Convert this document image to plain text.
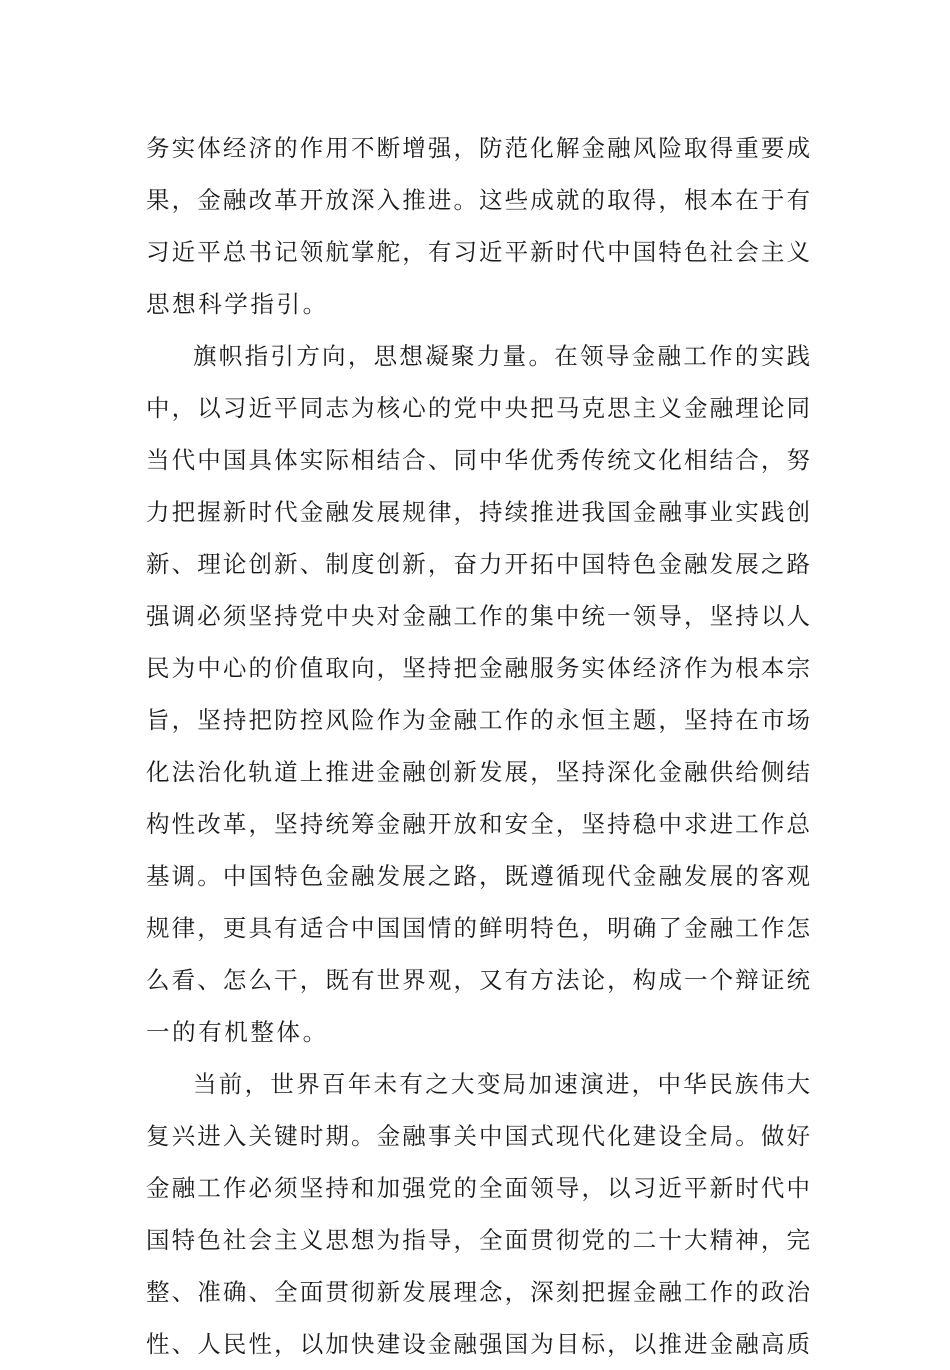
务实体经济的作用不断增强，防范化解金融风险取得重要成
果，金融改革开放深入推进。这些成就的取得，根本在于有
习近平总书记领航掌舵，有习近平新时代中国特色社会主义
思想科学指引。
旗帜指引方向，思想凝聚力量。在领导金融工作的实践
中，以习近平同志为核心的党中央把马克思主义金融理论同
当代中国具体实际相结合、同中华优秀传统文化相结合，努
力把握新时代金融发展规律，持续推进我国金融事业实践创
新、理论创新、制度创新，奋力开拓中国特色金融发展之路
强调必须坚持党中央对金融工作的集中统一领导，坚持以人
民为中心的价值取向，坚持把金融服务实体经济作为根本宗
旨，坚持把防控风险作为金融工作的永恒主题，坚持在市场
化法治化轨道上推进金融创新发展，坚持深化金融供给侧结
构性改革，坚持统筹金融开放和安全，坚持稳中求进工作总
基调。中国特色金融发展之路，既遵循现代金融发展的客观
规律，更具有适合中国国情的鲜明特色，明确了金融工作怎
么看、怎么干，既有世界观，又有方法论，构成一个辩证统
一的有机整体。
当前，世界百年未有之大变局加速演进，中华民族伟大
复兴进入关键时期。金融事关中国式现代化建设全局。做好
金融工作必须坚持和加强党的全面领导，以习近平新时代中
国特色社会主义思想为指导，全面贯彻党的二十大精神，完
整、准确、全面贯彻新发展理念，深刻把握金融工作的政治
性、人民性，以加快建设金融强国为目标，以推进金融高质
